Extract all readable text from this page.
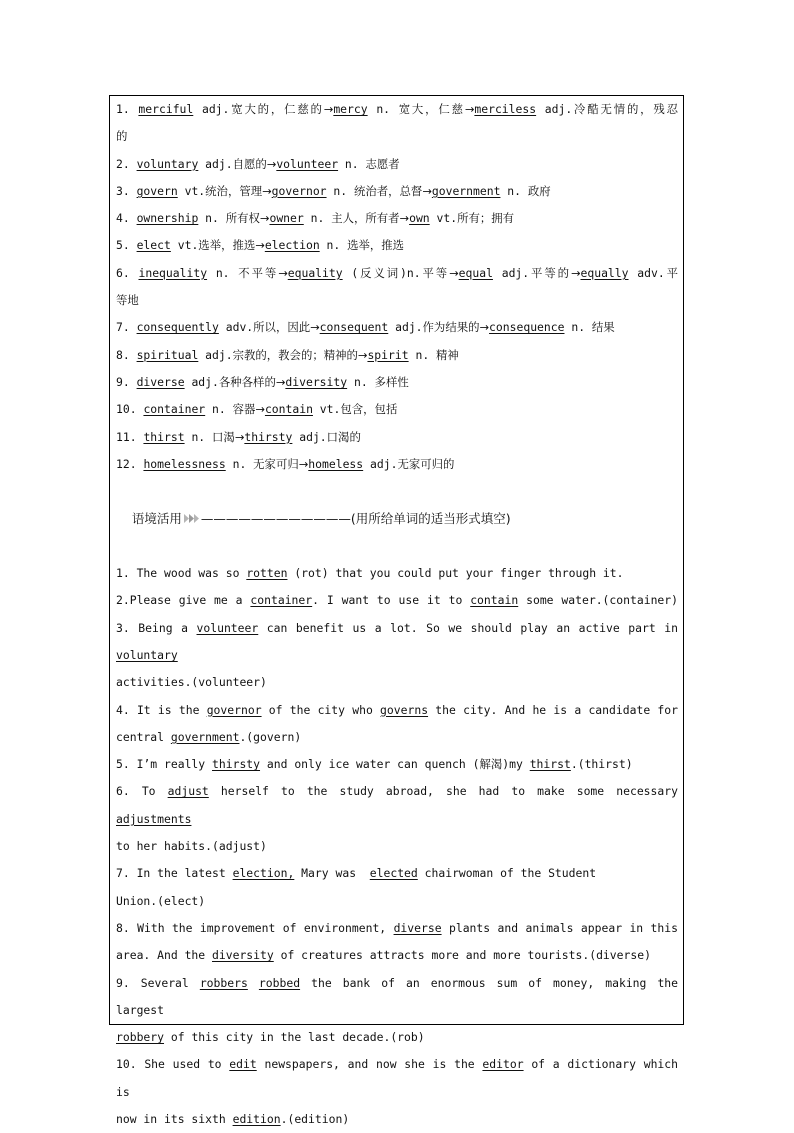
1. merciful adj.宽大的，仁慈的→mercy n. 宽大，仁慈→merciless adj.冷酷无情的，残忍
的
2. voluntary adj.自愿的→volunteer n. 志愿者
3. govern vt.统治，管理→governor n. 统治者，总督→government n. 政府
4. ownership n. 所有权→owner n. 主人，所有者→own vt.所有；拥有
5. elect vt.选举，推选→election n. 选举，推选
6. inequality n. 不平等→equality (反义词)n.平等→equal adj.平等的→equally adv.平
等地
7. consequently adv.所以，因此→consequent adj.作为结果的→consequence n. 结果
8. spiritual adj.宗教的，教会的；精神的→spirit n. 精神
9. diverse adj.各种各样的→diversity n. 多样性
10. container n. 容器→contain vt.包含，包括
11. thirst n. 口渴→thirsty adj.口渴的
12. homelessness n. 无家可归→homeless adj.无家可归的

语境活用 ————————————(用所给单词的适当形式填空)

1. The wood was so rotten (rot) that you could put your finger through it.
2.Please give me a container. I want to use it to contain some water.(container)
3. Being a volunteer can benefit us a lot. So we should play an active part in voluntary
activities.(volunteer)
4. It is the governor of the city who governs the city. And he is a candidate for
central government.(govern)
5. I’m really thirsty and only ice water can quench (解渴)my thirst.(thirst)
6. To adjust herself to the study abroad, she had to make some necessary adjustments
to her habits.(adjust)
7. In the latest election, Mary was  elected chairwoman of the Student
Union.(elect)
8. With the improvement of environment, diverse plants and animals appear in this
area. And the diversity of creatures attracts more and more tourists.(diverse)
9. Several robbers robbed the bank of an enormous sum of money, making the largest
robbery of this city in the last decade.(rob)
10. She used to edit newspapers, and now she is the editor of a dictionary which is
now in its sixth edition.(edition)
